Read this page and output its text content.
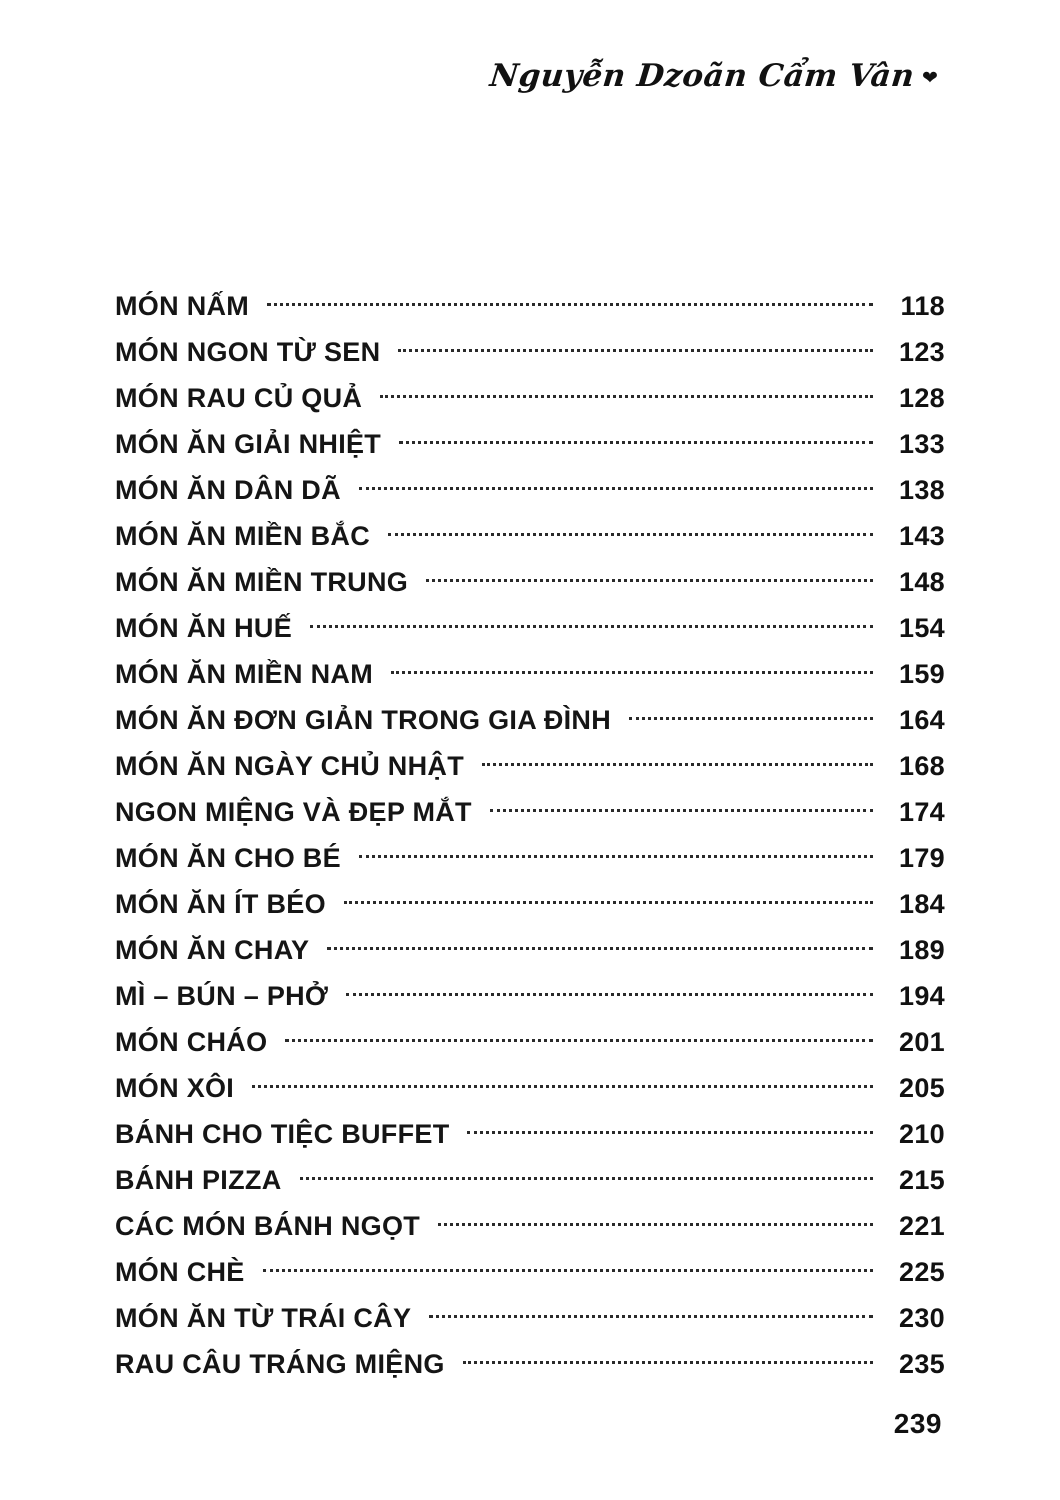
Nguyễn Dzoãn Cẩm Vân ❤
MÓN NẤM	118
MÓN NGON TỪ SEN	123
MÓN RAU CỦ QUẢ	128
MÓN ĂN GIẢI NHIỆT	133
MÓN ĂN DÂN DÃ	138
MÓN ĂN MIỀN BẮC	143
MÓN ĂN MIỀN TRUNG	148
MÓN ĂN HUẾ	154
MÓN ĂN MIỀN NAM	159
MÓN ĂN ĐƠN GIẢN TRONG GIA ĐÌNH	164
MÓN ĂN NGÀY CHỦ NHẬT	168
NGON MIỆNG VÀ ĐẸP MẮT	174
MÓN ĂN CHO BÉ	179
MÓN ĂN ÍT BÉO	184
MÓN ĂN CHAY	189
MÌ – BÚN – PHỞ	194
MÓN CHÁO	201
MÓN XÔI	205
BÁNH CHO TIỆC BUFFET	210
BÁNH PIZZA	215
CÁC MÓN BÁNH NGỌT	221
MÓN CHÈ	225
MÓN ĂN TỪ TRÁI CÂY	230
RAU CÂU TRÁNG MIỆNG	235
239
